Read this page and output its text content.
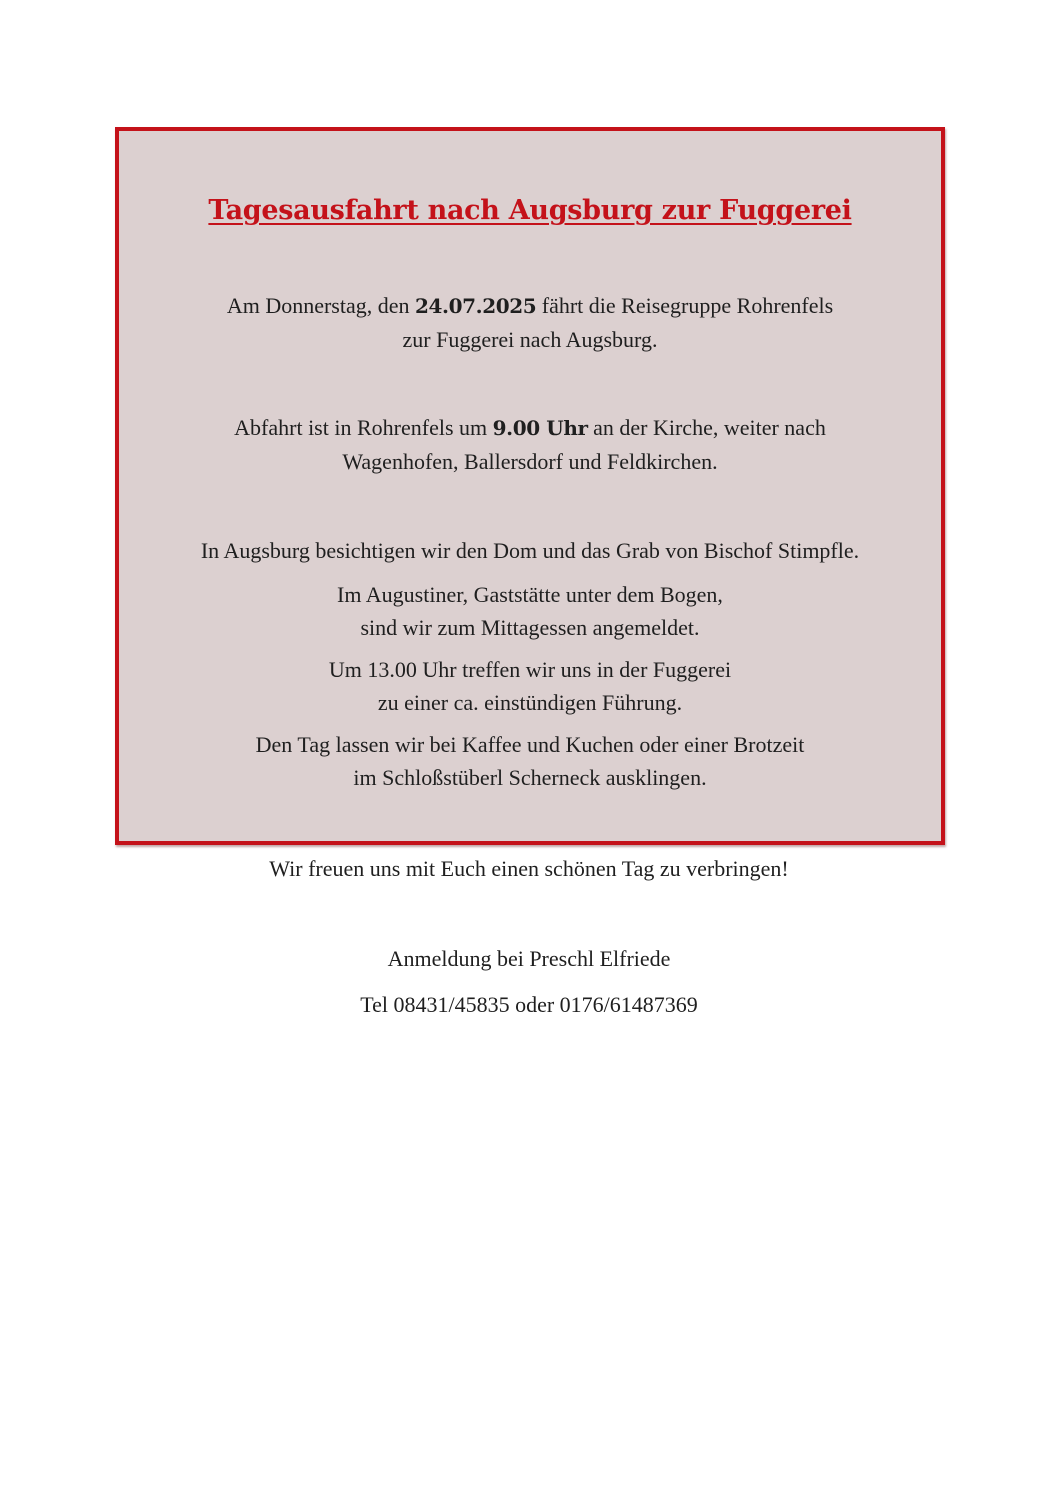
Tagesausfahrt nach Augsburg zur Fuggerei

Am Donnerstag, den 24.07.2025 fährt die Reisegruppe Rohrenfels
zur Fuggerei nach Augsburg.

Abfahrt ist in Rohrenfels um 9.00 Uhr an der Kirche, weiter nach
Wagenhofen, Ballersdorf und Feldkirchen.

In Augsburg besichtigen wir den Dom und das Grab von Bischof Stimpfle.

Im Augustiner, Gaststätte unter dem Bogen,
sind wir zum Mittagessen angemeldet.

Um 13.00 Uhr treffen wir uns in der Fuggerei
zu einer ca. einstündigen Führung.

Den Tag lassen wir bei Kaffee und Kuchen oder einer Brotzeit
im Schloßstüberl Scherneck ausklingen.

Wir freuen uns mit Euch einen schönen Tag zu verbringen!

Anmeldung bei Preschl Elfriede

Tel 08431/45835 oder 0176/61487369
